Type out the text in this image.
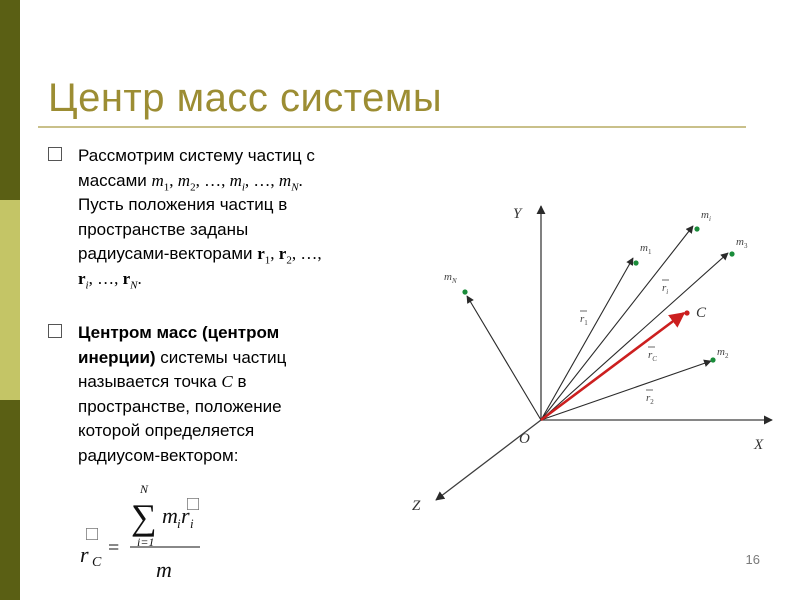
Центр масс системы
Рассмотрим систему частиц с
массами $m_1$, $m_2$, …, $m_i$, …, $m_N$.
Пусть положения частиц в
пространстве заданы
радиусами-векторами $r_1$, $r_2$, …,
$r_i$, …, $r_N$.
Центром масс (центром
инерции) системы частиц
называется точка C в
пространстве, положение
которой определяется
радиусом-вектором:
16
Y
X
Z
O
C
$m_1$
$m_i$
$m_3$
$m_2$
$m_N$
$r_1$
$r_i$
$r_C$
$r_2$
□
r C
=
N
∑
i=1
m i r i
□
m
